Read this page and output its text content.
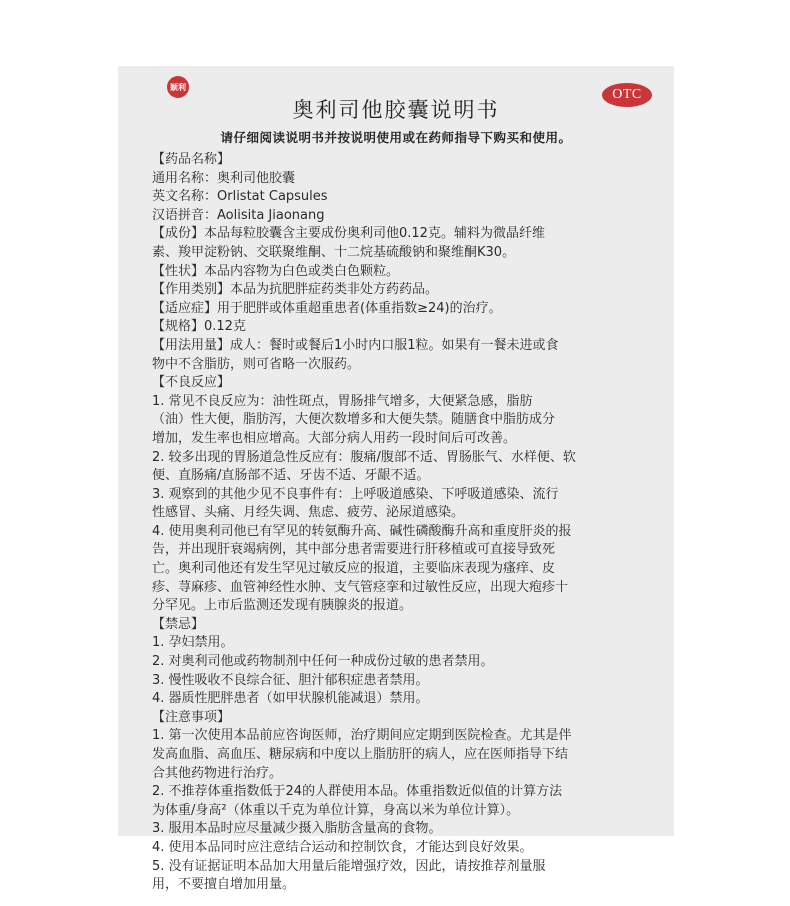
颖利
OTC
奥利司他胶囊说明书
请仔细阅读说明书并按说明使用或在药师指导下购买和使用。
【药品名称】
通用名称：奥利司他胶囊
英文名称：Orlistat Capsules
汉语拼音：Aolisita Jiaonang
【成份】本品每粒胶囊含主要成份奥利司他0.12克。辅料为微晶纤维
素、羧甲淀粉钠、交联聚维酮、十二烷基硫酸钠和聚维酮K30。
【性状】本品内容物为白色或类白色颗粒。
【作用类别】本品为抗肥胖症药类非处方药药品。
【适应症】用于肥胖或体重超重患者(体重指数≥24)的治疗。
【规格】0.12克
【用法用量】成人：餐时或餐后1小时内口服1粒。如果有一餐未进或食
物中不含脂肪，则可省略一次服药。
【不良反应】
1. 常见不良反应为：油性斑点，胃肠排气增多，大便紧急感，脂肪
（油）性大便，脂肪泻，大便次数增多和大便失禁。随膳食中脂肪成分
增加，发生率也相应增高。大部分病人用药一段时间后可改善。
2. 较多出现的胃肠道急性反应有：腹痛/腹部不适、胃肠胀气、水样便、软
便、直肠痛/直肠部不适、牙齿不适、牙龈不适。
3. 观察到的其他少见不良事件有：上呼吸道感染、下呼吸道感染、流行
性感冒、头痛、月经失调、焦虑、疲劳、泌尿道感染。
4. 使用奥利司他已有罕见的转氨酶升高、碱性磷酸酶升高和重度肝炎的报
告，并出现肝衰竭病例，其中部分患者需要进行肝移植或可直接导致死
亡。奥利司他还有发生罕见过敏反应的报道，主要临床表现为瘙痒、皮
疹、荨麻疹、血管神经性水肿、支气管痉挛和过敏性反应，出现大疱疹十
分罕见。上市后监测还发现有胰腺炎的报道。
【禁忌】
1. 孕妇禁用。
2. 对奥利司他或药物制剂中任何一种成份过敏的患者禁用。
3. 慢性吸收不良综合征、胆汁郁积症患者禁用。
4. 器质性肥胖患者（如甲状腺机能减退）禁用。
【注意事项】
1. 第一次使用本品前应咨询医师，治疗期间应定期到医院检查。尤其是伴
发高血脂、高血压、糖尿病和中度以上脂肪肝的病人，应在医师指导下结
合其他药物进行治疗。
2. 不推荐体重指数低于24的人群使用本品。体重指数近似值的计算方法
为体重/身高²（体重以千克为单位计算，身高以米为单位计算）。
3. 服用本品时应尽量减少摄入脂肪含量高的食物。
4. 使用本品同时应注意结合运动和控制饮食，才能达到良好效果。
5. 没有证据证明本品加大用量后能增强疗效，因此，请按推荐剂量服
用，不要擅自增加用量。
